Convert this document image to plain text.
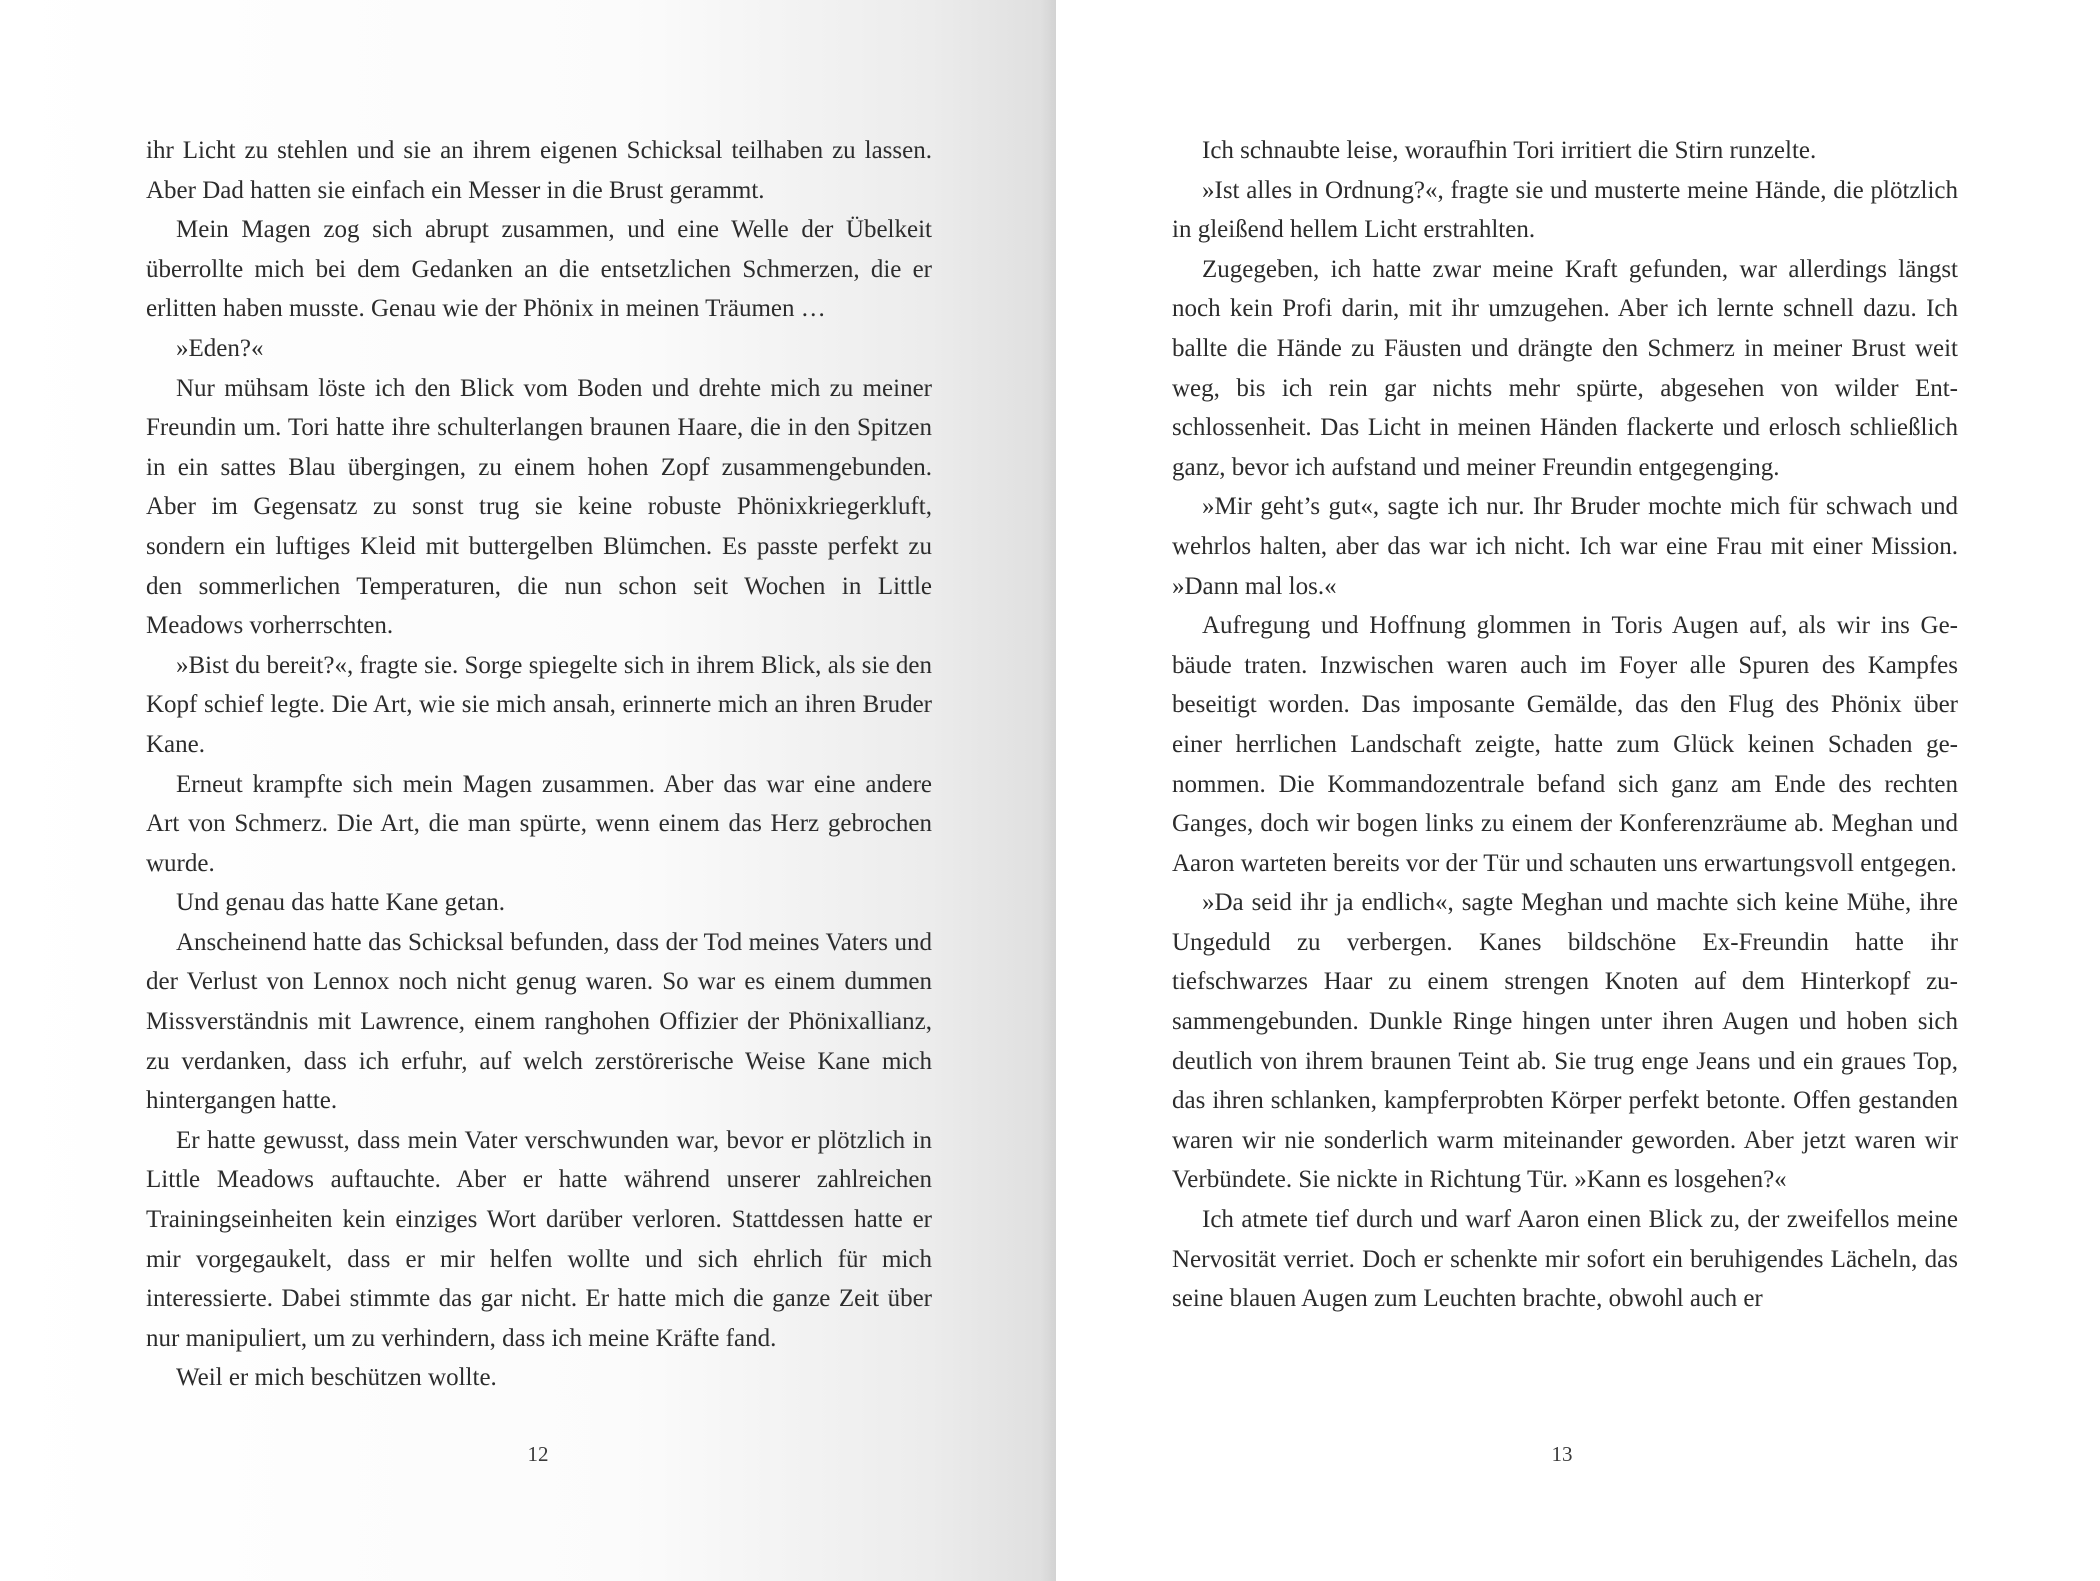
ihr Licht zu stehlen und sie an ihrem eigenen Schicksal teilhaben zu lassen. Aber Dad hatten sie einfach ein Messer in die Brust gerammt.

Mein Magen zog sich abrupt zusammen, und eine Welle der Übelkeit überrollte mich bei dem Gedanken an die entsetzlichen Schmerzen, die er erlitten haben musste. Genau wie der Phönix in meinen Träumen …

»Eden?«

Nur mühsam löste ich den Blick vom Boden und drehte mich zu meiner Freundin um. Tori hatte ihre schulterlangen braunen Haare, die in den Spitzen in ein sattes Blau übergingen, zu einem hohen Zopf zusammengebunden. Aber im Gegensatz zu sonst trug sie keine robuste Phönixkriegerkluft, sondern ein luftiges Kleid mit buttergelben Blümchen. Es passte perfekt zu den sommerlichen Temperaturen, die nun schon seit Wochen in Little Meadows vorherrschten.

»Bist du bereit?«, fragte sie. Sorge spiegelte sich in ihrem Blick, als sie den Kopf schief legte. Die Art, wie sie mich ansah, erinnerte mich an ihren Bruder Kane.

Erneut krampfte sich mein Magen zusammen. Aber das war eine andere Art von Schmerz. Die Art, die man spürte, wenn einem das Herz gebrochen wurde.

Und genau das hatte Kane getan.

Anscheinend hatte das Schicksal befunden, dass der Tod meines Vaters und der Verlust von Lennox noch nicht genug waren. So war es einem dummen Missverständnis mit Lawrence, einem ranghohen Offizier der Phönixallianz, zu verdanken, dass ich erfuhr, auf welch zerstörerische Weise Kane mich hintergangen hatte.

Er hatte gewusst, dass mein Vater verschwunden war, bevor er plötzlich in Little Meadows auftauchte. Aber er hatte während unserer zahlreichen Trainingseinheiten kein einziges Wort darüber verloren. Stattdessen hatte er mir vorgegaukelt, dass er mir helfen wollte und sich ehrlich für mich interessierte. Dabei stimmte das gar nicht. Er hatte mich die ganze Zeit über nur manipuliert, um zu verhindern, dass ich meine Kräfte fand.

Weil er mich beschützen wollte.

12

Ich schnaubte leise, woraufhin Tori irritiert die Stirn runzelte.

»Ist alles in Ordnung?«, fragte sie und musterte meine Hände, die plötzlich in gleißend hellem Licht erstrahlten.

Zugegeben, ich hatte zwar meine Kraft gefunden, war allerdings längst noch kein Profi darin, mit ihr umzugehen. Aber ich lernte schnell dazu. Ich ballte die Hände zu Fäusten und drängte den Schmerz in meiner Brust weit weg, bis ich rein gar nichts mehr spürte, abgesehen von wilder Entschlossenheit. Das Licht in meinen Händen flackerte und erlosch schließlich ganz, bevor ich aufstand und meiner Freundin entgegenging.

»Mir geht’s gut«, sagte ich nur. Ihr Bruder mochte mich für schwach und wehrlos halten, aber das war ich nicht. Ich war eine Frau mit einer Mission. »Dann mal los.«

Aufregung und Hoffnung glommen in Toris Augen auf, als wir ins Gebäude traten. Inzwischen waren auch im Foyer alle Spuren des Kampfes beseitigt worden. Das imposante Gemälde, das den Flug des Phönix über einer herrlichen Landschaft zeigte, hatte zum Glück keinen Schaden genommen. Die Kommandozentrale befand sich ganz am Ende des rechten Ganges, doch wir bogen links zu einem der Konferenzräume ab. Meghan und Aaron warteten bereits vor der Tür und schauten uns erwartungsvoll entgegen.

»Da seid ihr ja endlich«, sagte Meghan und machte sich keine Mühe, ihre Ungeduld zu verbergen. Kanes bildschöne Ex-Freundin hatte ihr tiefschwarzes Haar zu einem strengen Knoten auf dem Hinterkopf zusammengebunden. Dunkle Ringe hingen unter ihren Augen und hoben sich deutlich von ihrem braunen Teint ab. Sie trug enge Jeans und ein graues Top, das ihren schlanken, kampferprobten Körper perfekt betonte. Offen gestanden waren wir nie sonderlich warm miteinander geworden. Aber jetzt waren wir Verbündete. Sie nickte in Richtung Tür. »Kann es losgehen?«

Ich atmete tief durch und warf Aaron einen Blick zu, der zweifellos meine Nervosität verriet. Doch er schenkte mir sofort ein beruhigendes Lächeln, das seine blauen Augen zum Leuchten brachte, obwohl auch er

13
